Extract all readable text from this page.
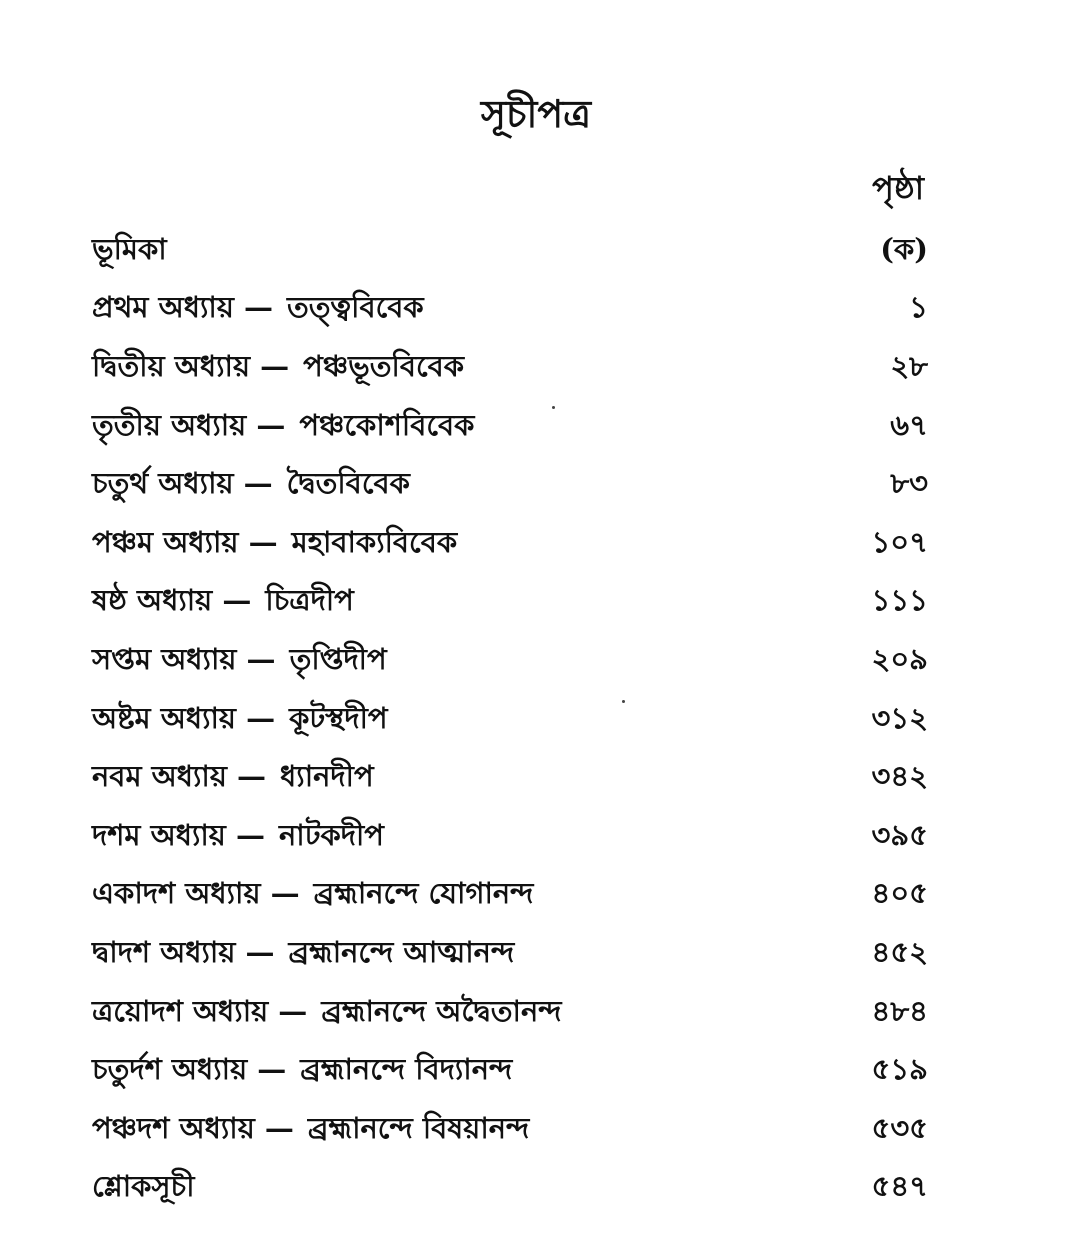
সূচীপত্র
পৃষ্ঠা
ভূমিকা	(ক)
প্রথম অধ্যায় — তত্ত্ববিবেক	১
দ্বিতীয় অধ্যায় — পঞ্চভূতবিবেক	২৮
তৃতীয় অধ্যায় — পঞ্চকোশবিবেক	৬৭
চতুর্থ অধ্যায় — দ্বৈতবিবেক	৮৩
পঞ্চম অধ্যায় — মহাবাক্যবিবেক	১০৭
ষষ্ঠ অধ্যায় — চিত্রদীপ	১১১
সপ্তম অধ্যায় — তৃপ্তিদীপ	২০৯
অষ্টম অধ্যায় — কূটস্থদীপ	৩১২
নবম অধ্যায় — ধ্যানদীপ	৩৪২
দশম অধ্যায় — নাটকদীপ	৩৯৫
একাদশ অধ্যায় — ব্রহ্মানন্দে যোগানন্দ	৪০৫
দ্বাদশ অধ্যায় — ব্রহ্মানন্দে আত্মানন্দ	৪৫২
ত্রয়োদশ অধ্যায় — ব্রহ্মানন্দে অদ্বৈতানন্দ	৪৮৪
চতুর্দশ অধ্যায় — ব্রহ্মানন্দে বিদ্যানন্দ	৫১৯
পঞ্চদশ অধ্যায় — ব্রহ্মানন্দে বিষয়ানন্দ	৫৩৫
শ্লোকসূচী	৫৪৭
